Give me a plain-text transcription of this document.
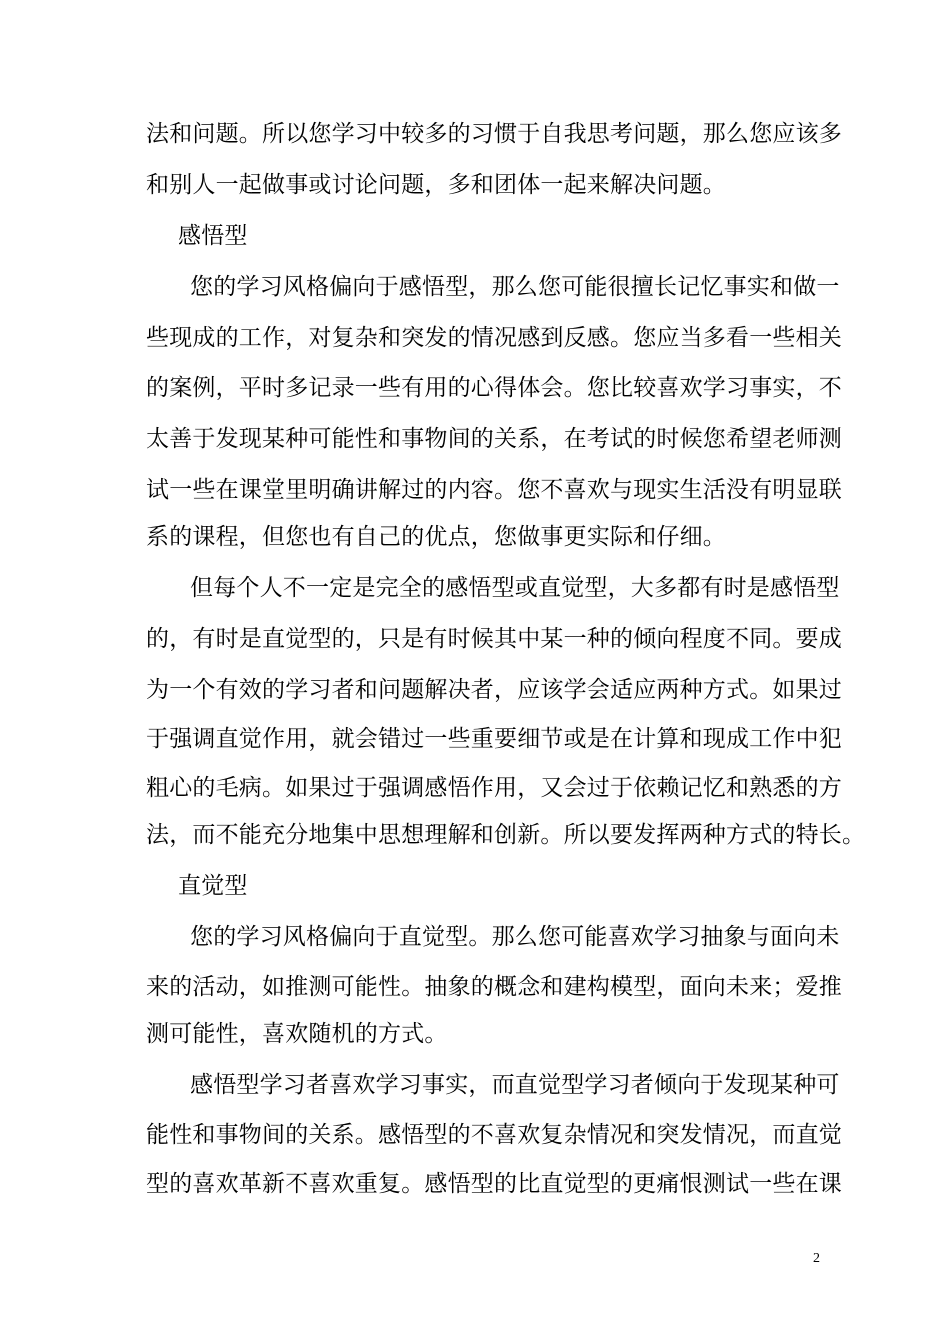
法和问题。所以您学习中较多的习惯于自我思考问题，那么您应该多
和别人一起做事或讨论问题，多和团体一起来解决问题。
感悟型
您的学习风格偏向于感悟型，那么您可能很擅长记忆事实和做一
些现成的工作，对复杂和突发的情况感到反感。您应当多看一些相关
的案例，平时多记录一些有用的心得体会。您比较喜欢学习事实，不
太善于发现某种可能性和事物间的关系，在考试的时候您希望老师测
试一些在课堂里明确讲解过的内容。您不喜欢与现实生活没有明显联
系的课程，但您也有自己的优点，您做事更实际和仔细。
但每个人不一定是完全的感悟型或直觉型，大多都有时是感悟型
的，有时是直觉型的，只是有时候其中某一种的倾向程度不同。要成
为一个有效的学习者和问题解决者，应该学会适应两种方式。如果过
于强调直觉作用，就会错过一些重要细节或是在计算和现成工作中犯
粗心的毛病。如果过于强调感悟作用，又会过于依赖记忆和熟悉的方
法，而不能充分地集中思想理解和创新。所以要发挥两种方式的特长。
直觉型
您的学习风格偏向于直觉型。那么您可能喜欢学习抽象与面向未
来的活动，如推测可能性。抽象的概念和建构模型，面向未来；爱推
测可能性，喜欢随机的方式。
感悟型学习者喜欢学习事实，而直觉型学习者倾向于发现某种可
能性和事物间的关系。感悟型的不喜欢复杂情况和突发情况，而直觉
型的喜欢革新不喜欢重复。感悟型的比直觉型的更痛恨测试一些在课
2
